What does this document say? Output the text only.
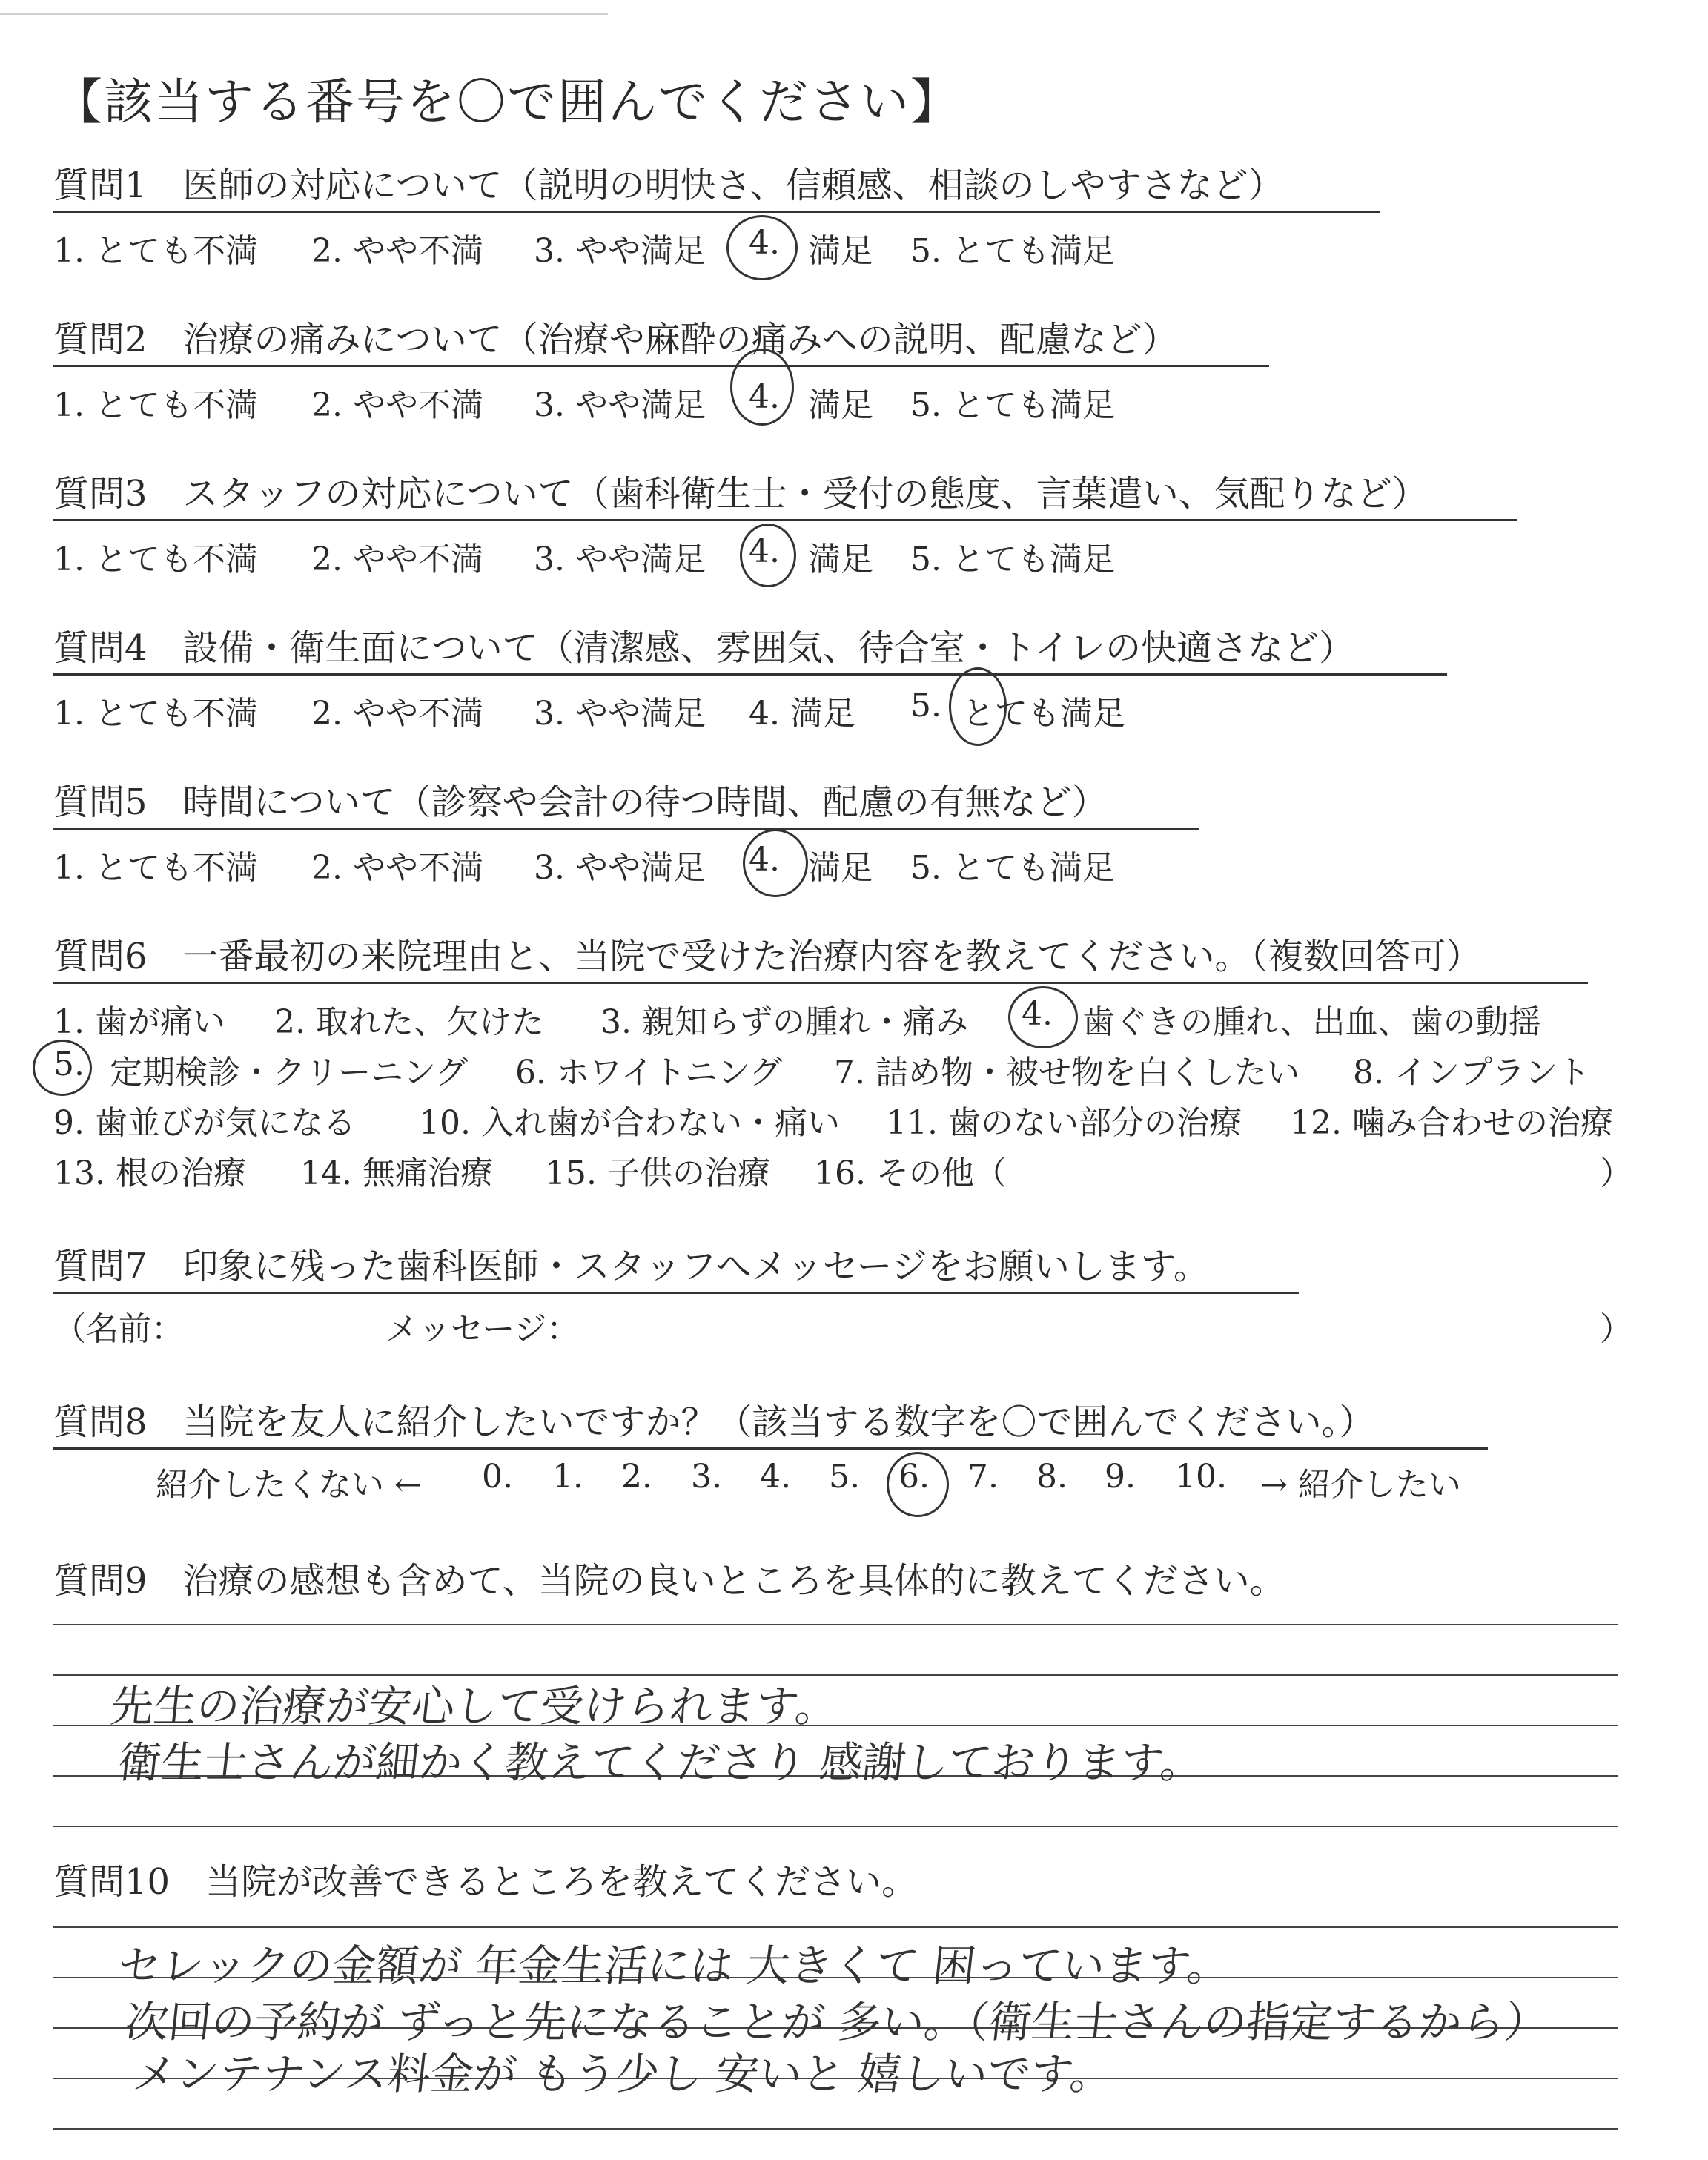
【該当する番号を〇で囲んでください】
質問1　医師の対応について（説明の明快さ、信頼感、相談のしやすさなど）
1. とても不満 2. やや不満 3. やや満足 4. 満足 5. とても満足
質問2　治療の痛みについて（治療や麻酔の痛みへの説明、配慮など）
1. とても不満 2. やや不満 3. やや満足 4. 満足 5. とても満足
質問3　スタッフの対応について（歯科衛生士・受付の態度、言葉遣い、気配りなど）
1. とても不満 2. やや不満 3. やや満足 4. 満足 5. とても満足
質問4　設備・衛生面について（清潔感、雰囲気、待合室・トイレの快適さなど）
1. とても不満 2. やや不満 3. やや満足 4. 満足 5. とても満足
質問5　時間について（診察や会計の待つ時間、配慮の有無など）
1. とても不満 2. やや不満 3. やや満足 4. 満足 5. とても満足
質問6　一番最初の来院理由と、当院で受けた治療内容を教えてください。（複数回答可）
1. 歯が痛い 2. 取れた、欠けた 3. 親知らずの腫れ・痛み 4. 歯ぐきの腫れ、出血、歯の動揺
5. 定期検診・クリーニング 6. ホワイトニング 7. 詰め物・被せ物を白くしたい 8. インプラント
9. 歯並びが気になる 10. 入れ歯が合わない・痛い 11. 歯のない部分の治療 12. 噛み合わせの治療
13. 根の治療 14. 無痛治療 15. 子供の治療 16. その他（	）
質問7　印象に残った歯科医師・スタッフへメッセージをお願いします。
（名前：	メッセージ：	）
質問8　当院を友人に紹介したいですか？（該当する数字を〇で囲んでください。）
紹介したくない ← 0. 1. 2. 3. 4. 5. 6. 7. 8. 9. 10. → 紹介したい
質問9　治療の感想も含めて、当院の良いところを具体的に教えてください。
先生の治療が安心して受けられます。
衛生士さんが細かく教えてくださり 感謝しております。
質問10　当院が改善できるところを教えてください。
セレックの金額が 年金生活には 大きくて 困っています。
次回の予約が ずっと先になることが 多い。（衛生士さんの指定するから）
メンテナンス料金が もう少し 安いと 嬉しいです。
